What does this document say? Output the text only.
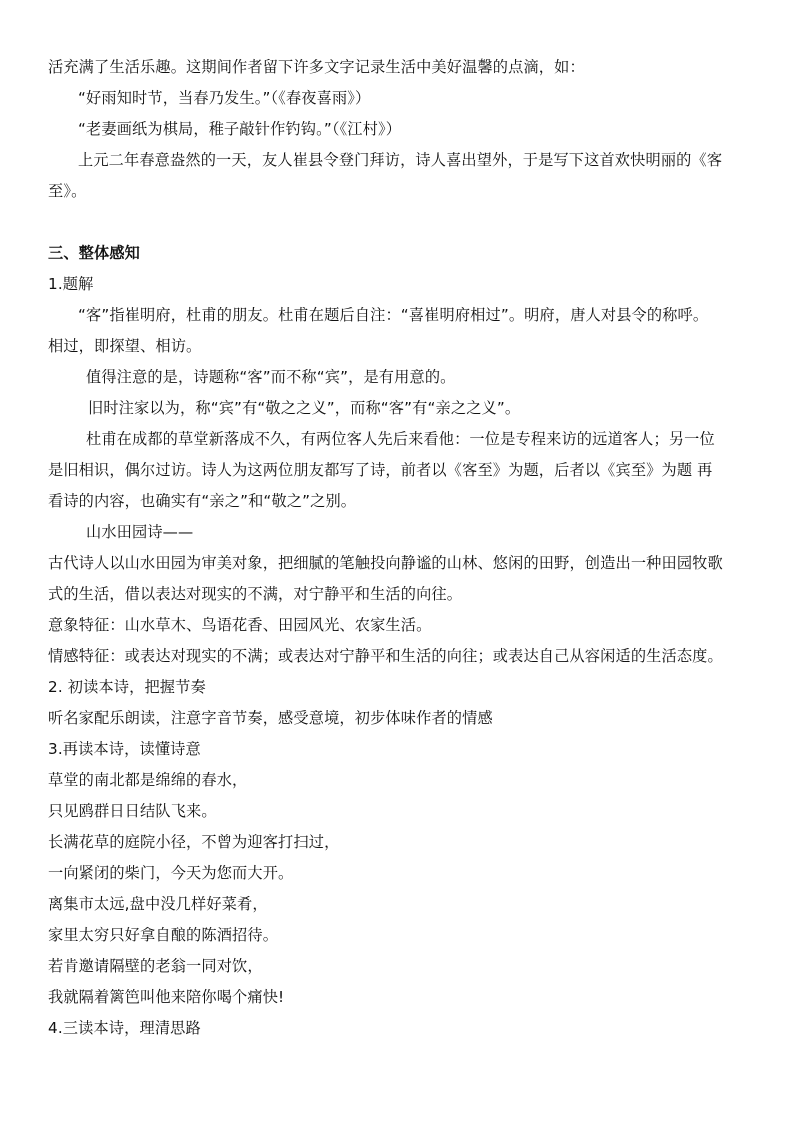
活充满了生活乐趣。这期间作者留下许多文字记录生活中美好温馨的点滴，如：
“好雨知时节，当春乃发生。”（《春夜喜雨》）
“老妻画纸为棋局，稚子敲针作钓钩。”（《江村》）
上元二年春意盎然的一天，友人崔县令登门拜访，诗人喜出望外，于是写下这首欢快明丽的《客
至》。
三、整体感知
1.题解
“客”指崔明府，杜甫的朋友。杜甫在题后自注：“喜崔明府相过”。明府，唐人对县令的称呼。
相过，即探望、相访。
值得注意的是，诗题称“客”而不称“宾”，是有用意的。
旧时注家以为，称“宾”有“敬之之义”，而称“客”有“亲之之义”。
杜甫在成都的草堂新落成不久，有两位客人先后来看他：一位是专程来访的远道客人；另一位
是旧相识，偶尔过访。诗人为这两位朋友都写了诗，前者以《客至》为题，后者以《宾至》为题 再
看诗的内容，也确实有“亲之”和“敬之”之别。
山水田园诗——
古代诗人以山水田园为审美对象，把细腻的笔触投向静谧的山林、悠闲的田野，创造出一种田园牧歌
式的生活，借以表达对现实的不满，对宁静平和生活的向往。
意象特征：山水草木、鸟语花香、田园风光、农家生活。
情感特征：或表达对现实的不满；或表达对宁静平和生活的向往；或表达自己从容闲适的生活态度。
2. 初读本诗，把握节奏
听名家配乐朗读，注意字音节奏，感受意境，初步体味作者的情感
3.再读本诗，读懂诗意
草堂的南北都是绵绵的春水，
只见鸥群日日结队飞来。
长满花草的庭院小径，不曾为迎客打扫过，
一向紧闭的柴门，今天为您而大开。
离集市太远,盘中没几样好菜肴，
家里太穷只好拿自酿的陈酒招待。
若肯邀请隔壁的老翁一同对饮，
我就隔着篱笆叫他来陪你喝个痛快!
4.三读本诗，理清思路
